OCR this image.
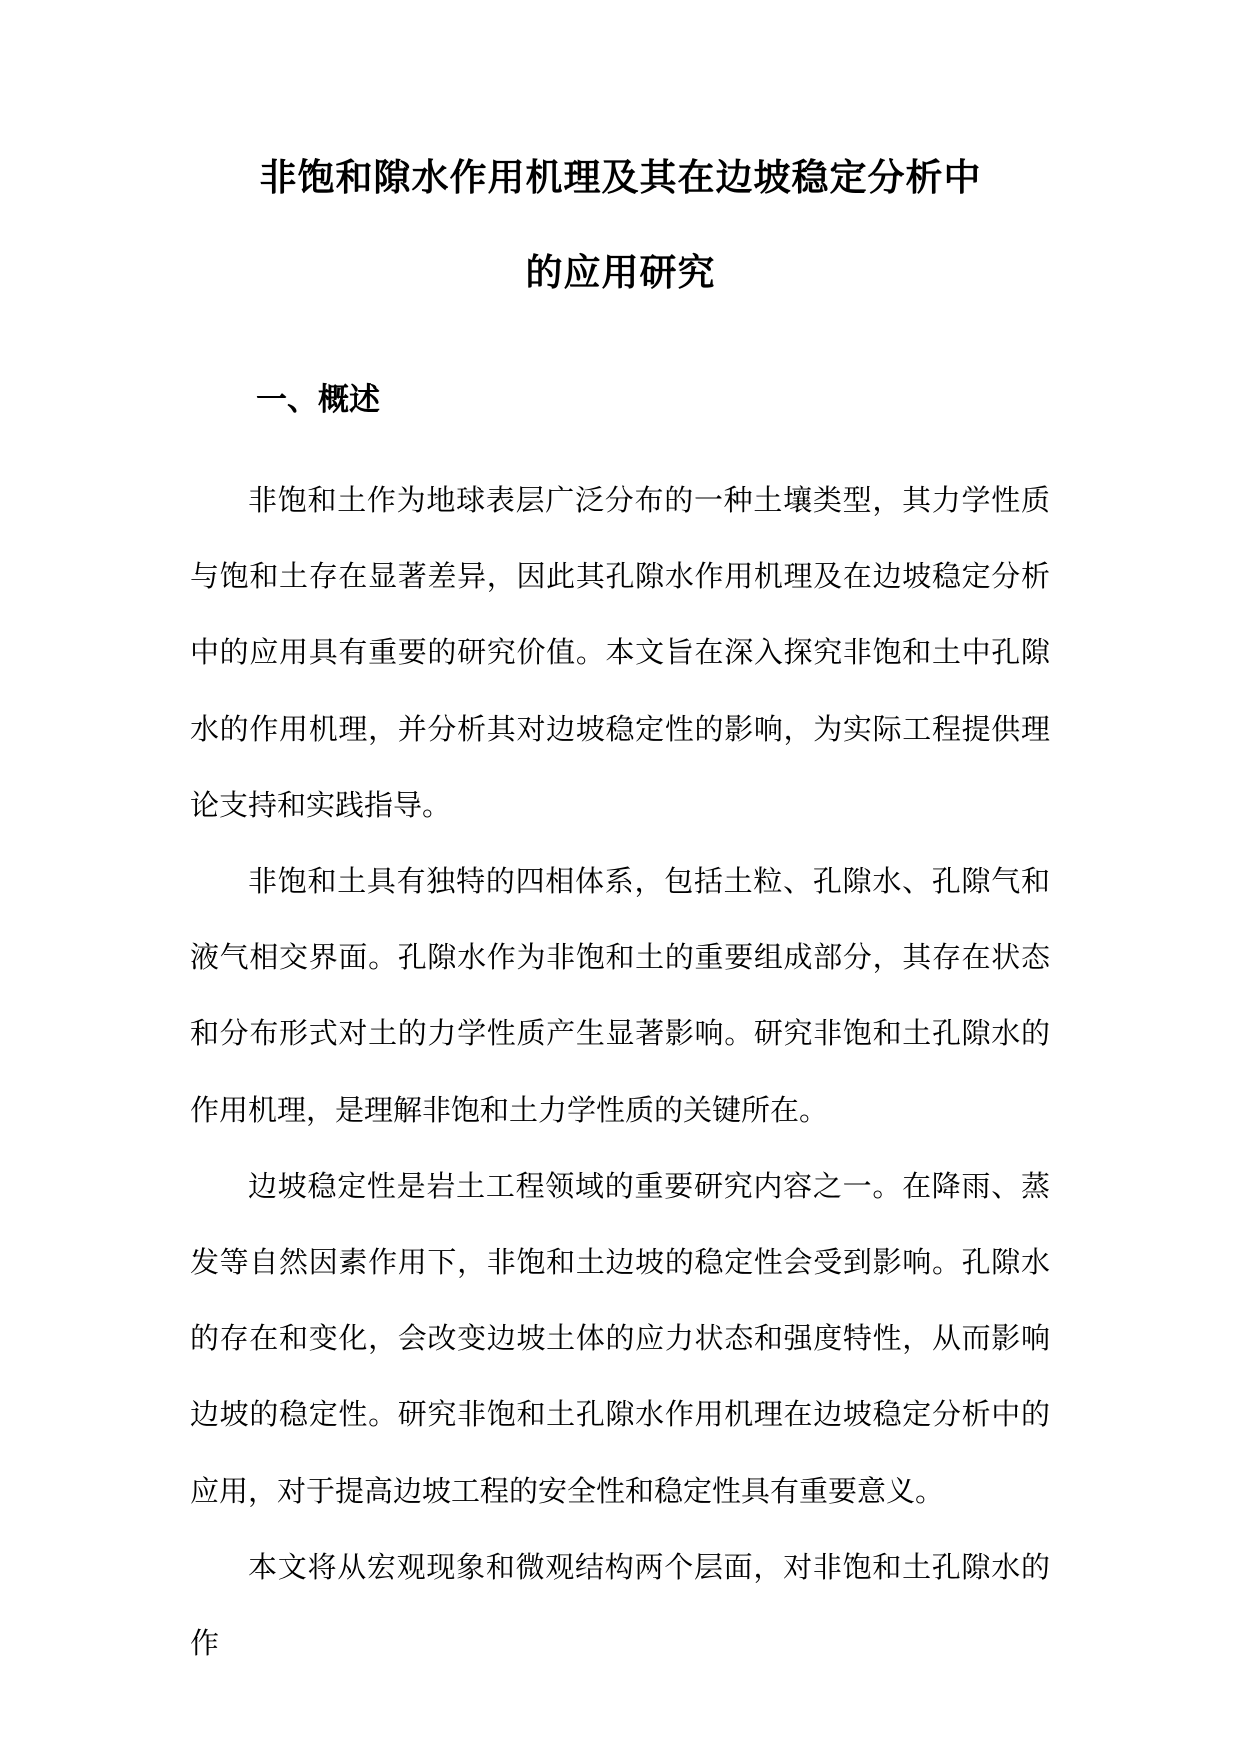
非饱和隙水作用机理及其在边坡稳定分析中
的应用研究
一、概述

非饱和土作为地球表层广泛分布的一种土壤类型，其力学性质与饱和土存在显著差异，因此其孔隙水作用机理及在边坡稳定分析中的应用具有重要的研究价值。本文旨在深入探究非饱和土中孔隙水的作用机理，并分析其对边坡稳定性的影响，为实际工程提供理论支持和实践指导。

非饱和土具有独特的四相体系，包括土粒、孔隙水、孔隙气和液气相交界面。孔隙水作为非饱和土的重要组成部分，其存在状态和分布形式对土的力学性质产生显著影响。研究非饱和土孔隙水的作用机理，是理解非饱和土力学性质的关键所在。

边坡稳定性是岩土工程领域的重要研究内容之一。在降雨、蒸发等自然因素作用下，非饱和土边坡的稳定性会受到影响。孔隙水的存在和变化，会改变边坡土体的应力状态和强度特性，从而影响边坡的稳定性。研究非饱和土孔隙水作用机理在边坡稳定分析中的应用，对于提高边坡工程的安全性和稳定性具有重要意义。

本文将从宏观现象和微观结构两个层面，对非饱和土孔隙水的作
